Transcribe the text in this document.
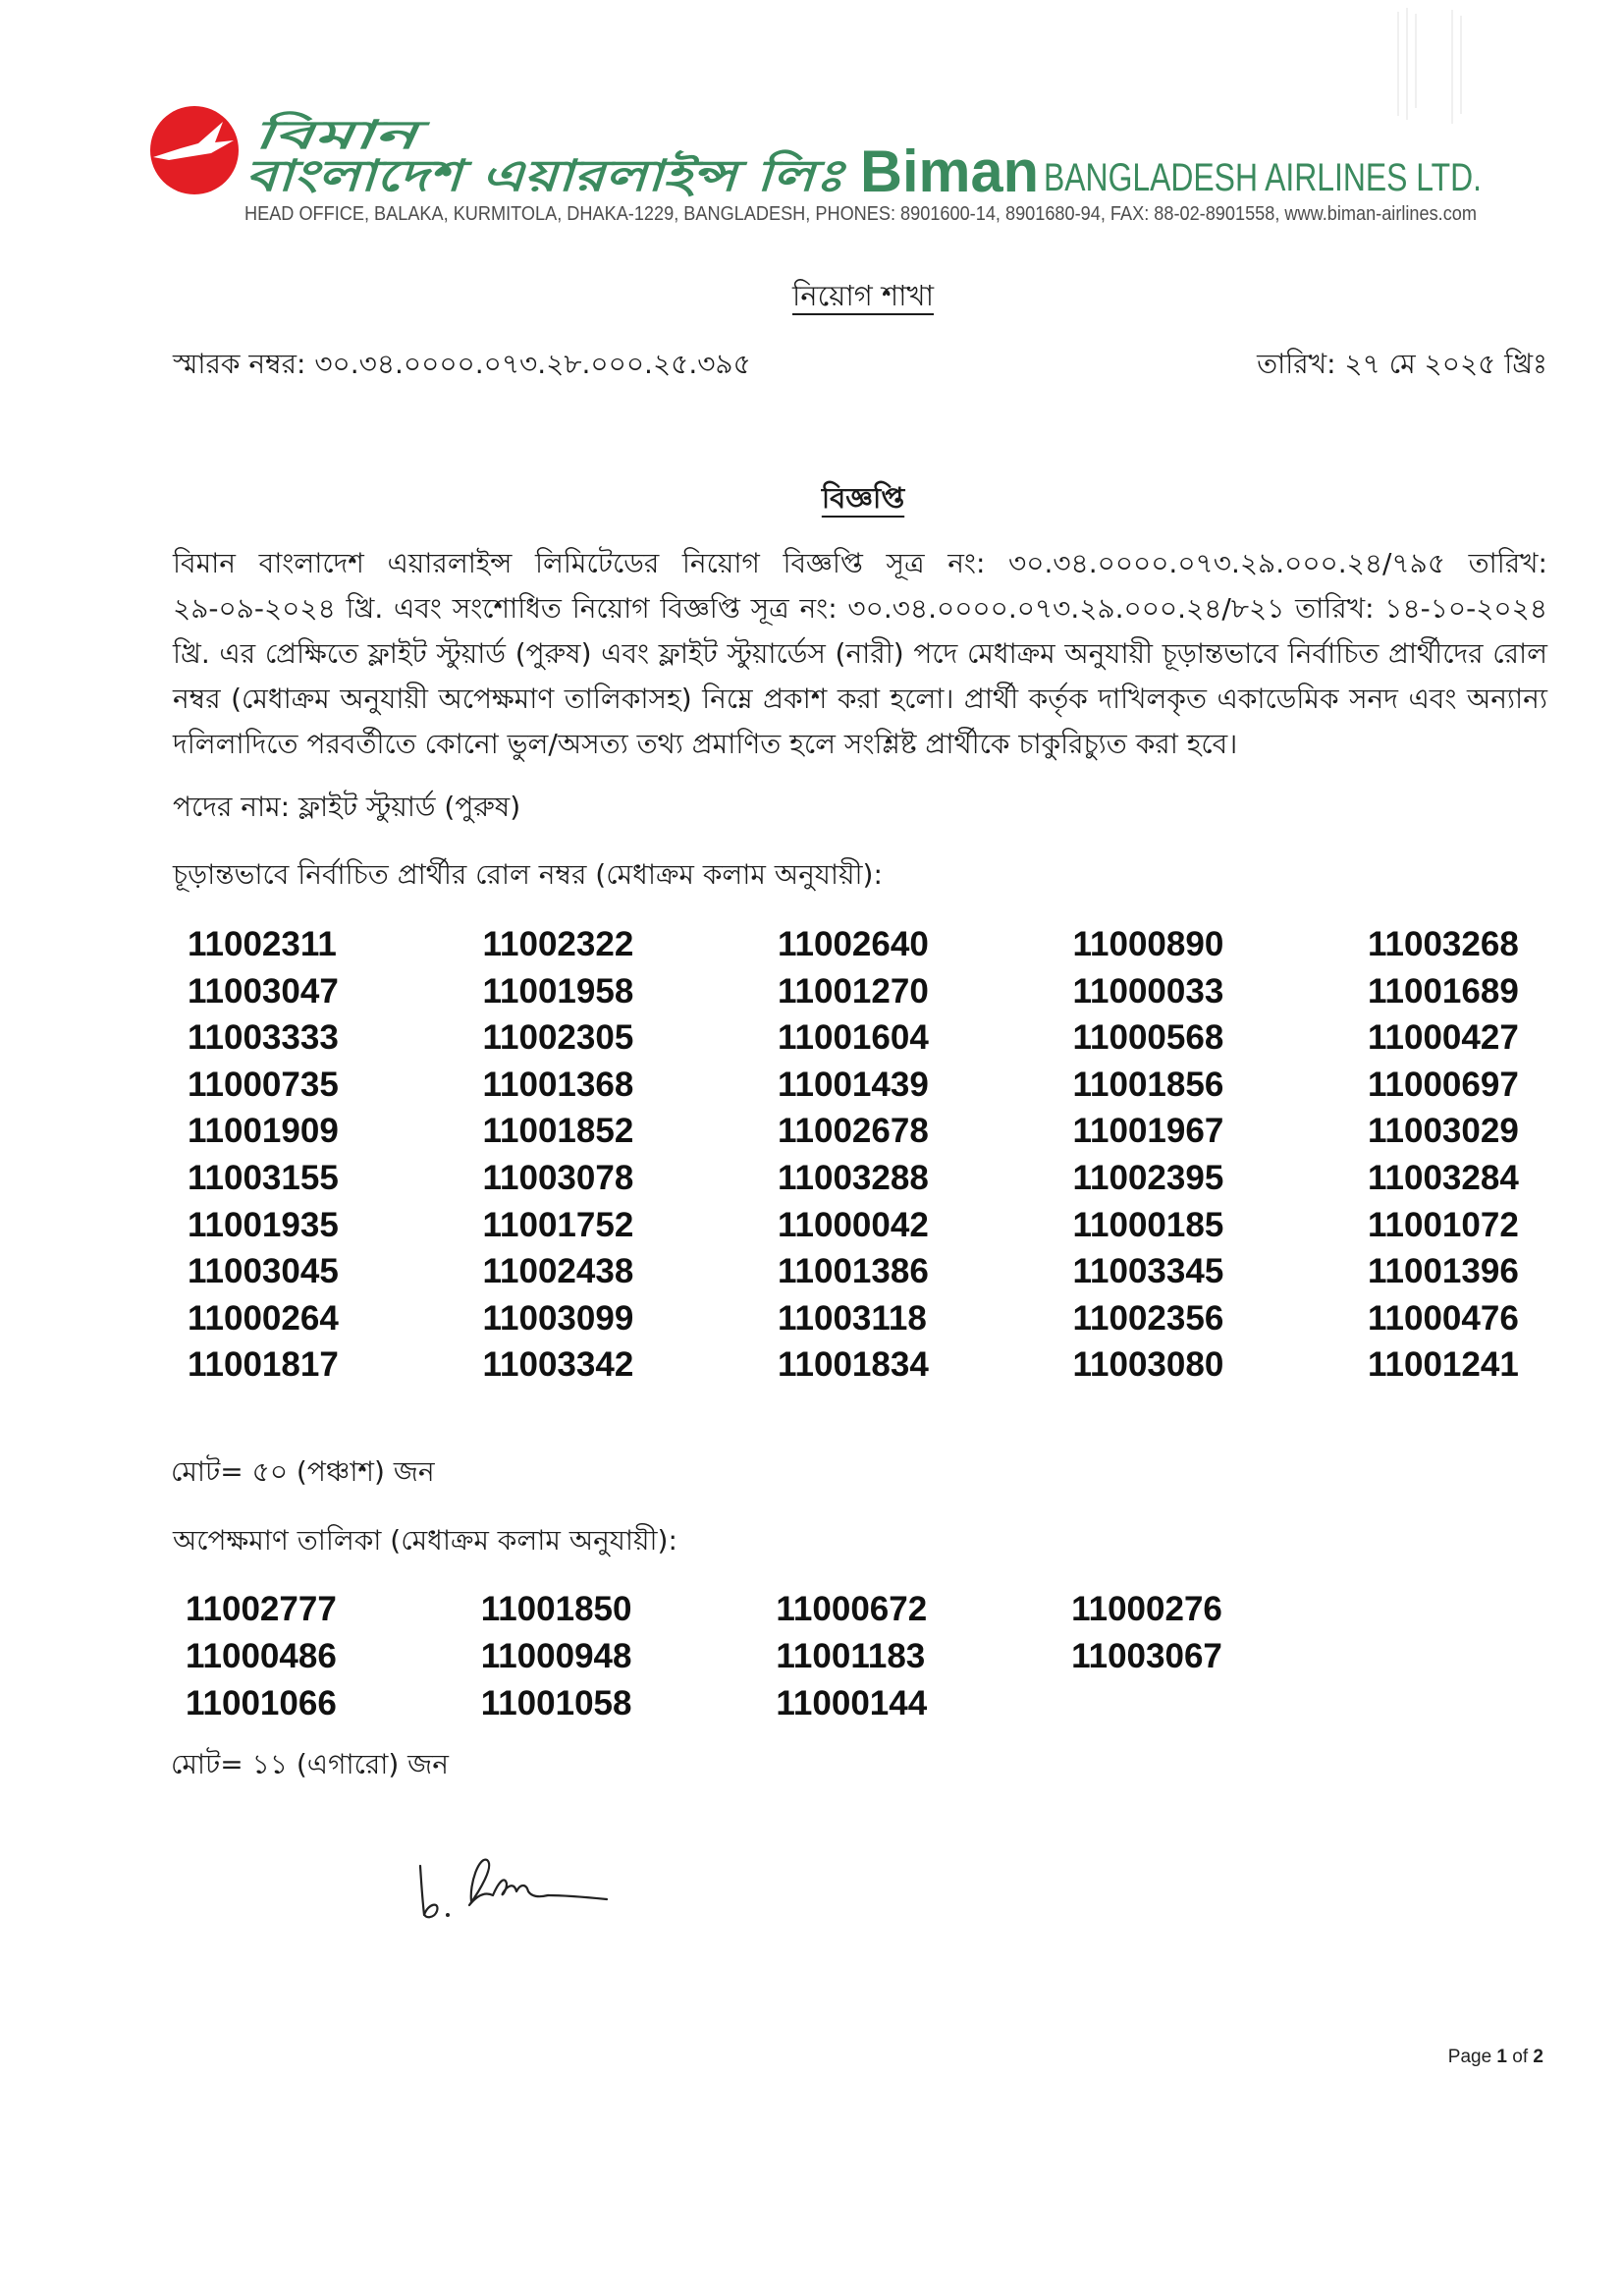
বিমান
বাংলাদেশ এয়ারলাইন্স লিঃ	Biman BANGLADESH AIRLINES LTD.
HEAD OFFICE, BALAKA, KURMITOLA, DHAKA-1229, BANGLADESH, PHONES: 8901600-14, 8901680-94, FAX: 88-02-8901558, www.biman-airlines.com
নিয়োগ শাখা
স্মারক নম্বর: ৩০.৩৪.০০০০.০৭৩.২৮.০০০.২৫.৩৯৫	তারিখ: ২৭ মে ২০২৫ খ্রিঃ
বিজ্ঞপ্তি
বিমান বাংলাদেশ এয়ারলাইন্স লিমিটেডের নিয়োগ বিজ্ঞপ্তি সূত্র নং: ৩০.৩৪.০০০০.০৭৩.২৯.০০০.২৪/৭৯৫ তারিখ: ২৯-০৯-২০২৪ খ্রি. এবং সংশোধিত নিয়োগ বিজ্ঞপ্তি সূত্র নং: ৩০.৩৪.০০০০.০৭৩.২৯.০০০.২৪/৮২১ তারিখ: ১৪-১০-২০২৪ খ্রি. এর প্রেক্ষিতে ফ্লাইট স্টুয়ার্ড (পুরুষ) এবং ফ্লাইট স্টুয়ার্ডেস (নারী) পদে মেধাক্রম অনুযায়ী চূড়ান্তভাবে নির্বাচিত প্রার্থীদের রোল নম্বর (মেধাক্রম অনুযায়ী অপেক্ষমাণ তালিকাসহ) নিম্নে প্রকাশ করা হলো। প্রার্থী কর্তৃক দাখিলকৃত একাডেমিক সনদ এবং অন্যান্য দলিলাদিতে পরবর্তীতে কোনো ভুল/অসত্য তথ্য প্রমাণিত হলে সংশ্লিষ্ট প্রার্থীকে চাকুরিচ্যুত করা হবে।
পদের নাম: ফ্লাইট স্টুয়ার্ড (পুরুষ)
চূড়ান্তভাবে নির্বাচিত প্রার্থীর রোল নম্বর (মেধাক্রম কলাম অনুযায়ী):
11002311
11003047
11003333
11000735
11001909
11003155
11001935
11003045
11000264
11001817
11002322
11001958
11002305
11001368
11001852
11003078
11001752
11002438
11003099
11003342
11002640
11001270
11001604
11001439
11002678
11003288
11000042
11001386
11003118
11001834
11000890
11000033
11000568
11001856
11001967
11002395
11000185
11003345
11002356
11003080
11003268
11001689
11000427
11000697
11003029
11003284
11001072
11001396
11000476
11001241
মোট= ৫০ (পঞ্চাশ) জন
অপেক্ষমাণ তালিকা (মেধাক্রম কলাম অনুযায়ী):
11002777
11000486
11001066
11001850
11000948
11001058
11000672
11001183
11000144
11000276
11003067
মোট= ১১ (এগারো) জন
Page 1 of 2
